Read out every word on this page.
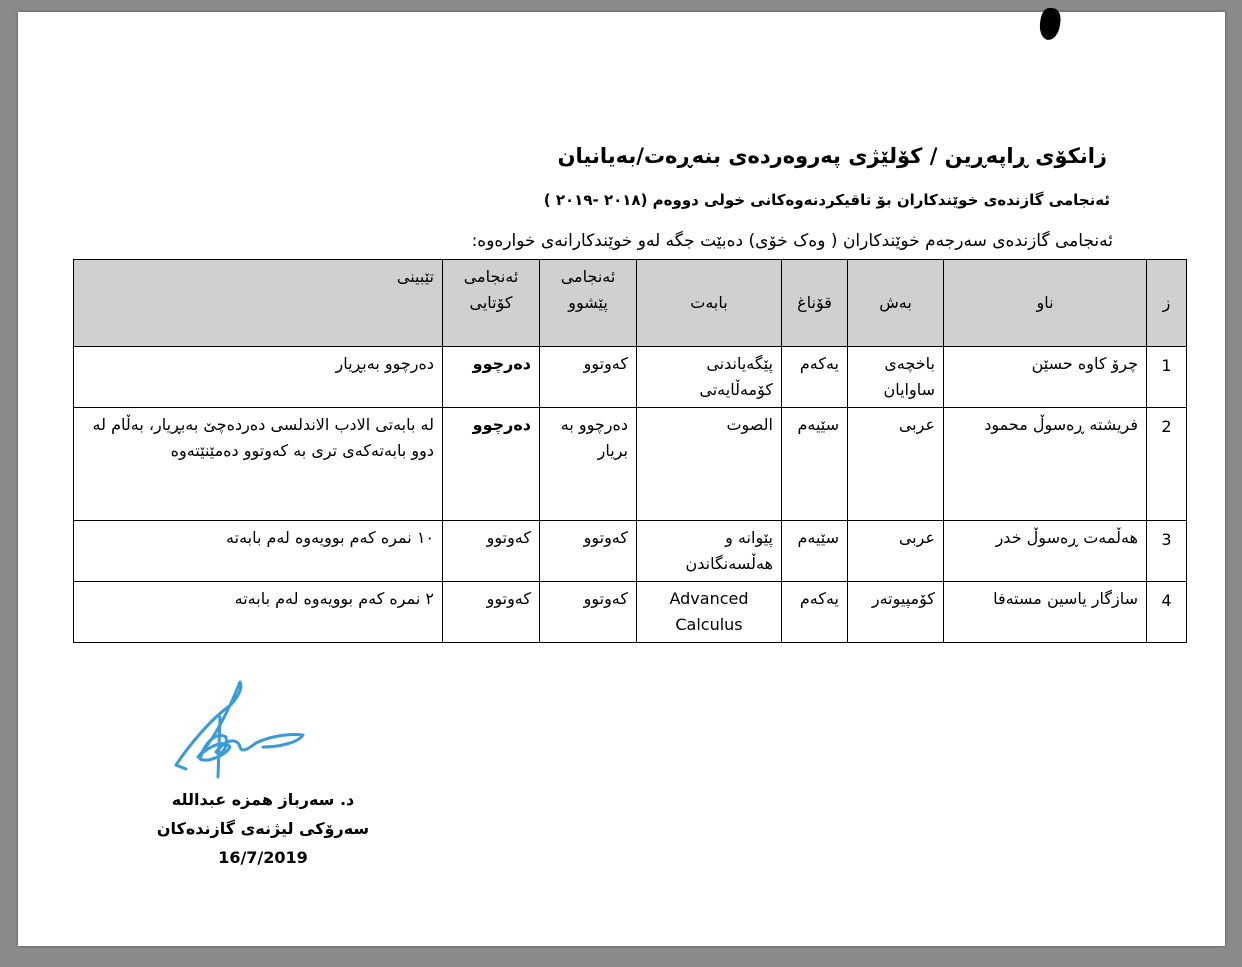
زانكۆی ڕاپەڕین / كۆلێژی پەروەردەی بنەڕەت/بەیانیان
ئەنجامی گازندەی خوێندكاران بۆ تاقیكردنەوەكانی خولی دووەم (٢٠١٨ -٢٠١٩ )
ئەنجامی گازندەی سەرجەم خوێندكاران ( وەک خۆی) دەبێت جگە لەو خوێندكارانەی خوارەوە:
ز	ناو	بەش	قۆناغ	بابەت	ئەنجامی پێشوو	ئەنجامی کۆتایی	تێبینی
1	چرۆ كاوە حسێن	باخچەی ساوایان	یەكەم	پێگەیاندنی كۆمەڵایەتی	كەوتوو	دەرچوو	دەرچوو بەبڕیار
2	فریشتە ڕەسوڵ محمود	عربی	سێیەم	الصوت	دەرچوو به بریار	دەرچوو	لە بابەتی الادب الاندلسی دەردەچێ بەبڕیار، بەڵام لە دوو بابەتەكەی تری بە كەوتوو دەمێنێتەوە
3	هەڵمەت ڕەسوڵ خدر	عربی	سێیەم	پێوانە و هەڵسەنگاندن	كەوتوو	كەوتوو	١٠ نمرە كەم بوویەوە لەم بابەتە
4	سازگار یاسین مستەفا	كۆمپیوتەر	یەكەم	Advanced Calculus	كەوتوو	كەوتوو	٢ نمرە كەم بوویەوە لەم بابەتە
د. سەرباز همزه عبدالله
سەرۆكی لیژنەی گازندەكان
16/7/2019
